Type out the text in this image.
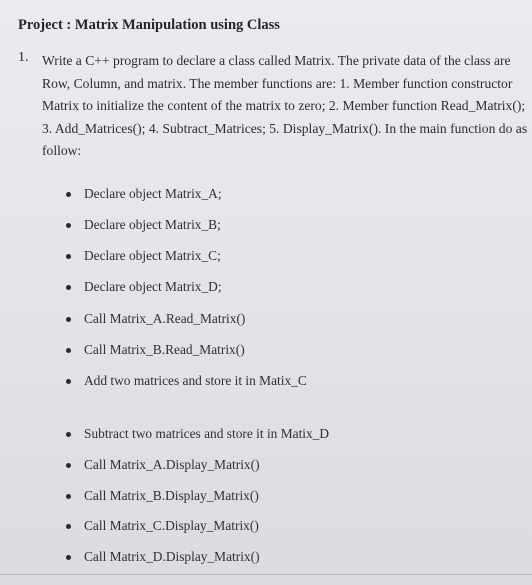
Project : Matrix Manipulation using Class
1. Write a C++ program to declare a class called Matrix. The private data of the class are
Row, Column, and matrix. The member functions are: 1. Member function constructor
Matrix to initialize the content of the matrix to zero; 2. Member function Read_Matrix();
3. Add_Matrices(); 4. Subtract_Matrices; 5. Display_Matrix(). In the main function do as
follow:
Declare object Matrix_A;
Declare object Matrix_B;
Declare object Matrix_C;
Declare object Matrix_D;
Call Matrix_A.Read_Matrix()
Call Matrix_B.Read_Matrix()
Add two matrices and store it in Matix_C
Subtract two matrices and store it in Matix_D
Call Matrix_A.Display_Matrix()
Call Matrix_B.Display_Matrix()
Call Matrix_C.Display_Matrix()
Call Matrix_D.Display_Matrix()
